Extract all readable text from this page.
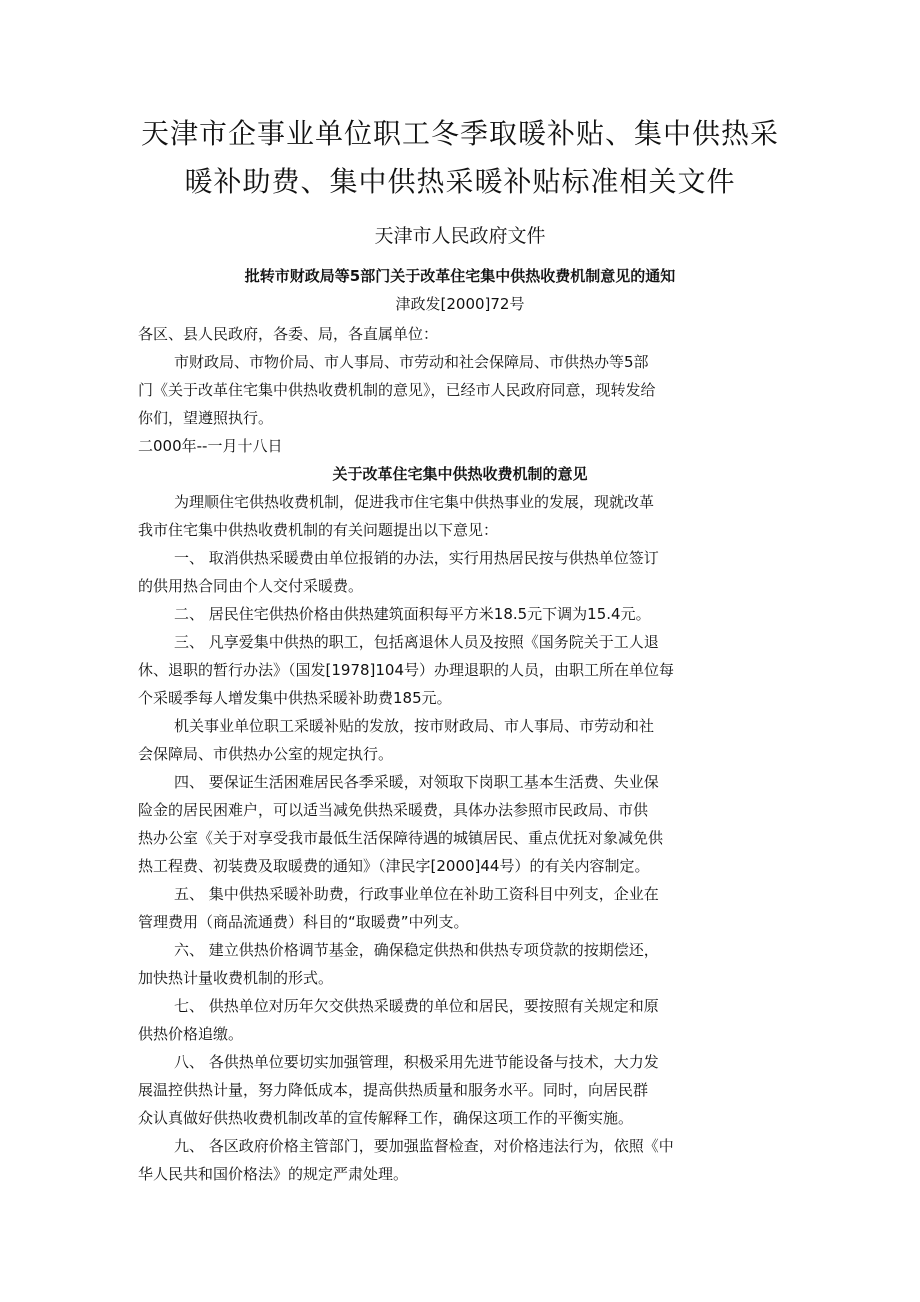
天津市企事业单位职工冬季取暖补贴、集中供热采
暖补助费、集中供热采暖补贴标准相关文件
天津市人民政府文件
批转市财政局等5部门关于改革住宅集中供热收费机制意见的通知
津政发[2000]72号
各区、县人民政府，各委、局，各直属单位：
市财政局、市物价局、市人事局、市劳动和社会保障局、市供热办等5部
门《关于改革住宅集中供热收费机制的意见》，已经市人民政府同意，现转发给
你们，望遵照执行。
二000年--一月十八日
关于改革住宅集中供热收费机制的意见
为理顺住宅供热收费机制，促进我市住宅集中供热事业的发展，现就改革
我市住宅集中供热收费机制的有关问题提出以下意见：
一、 取消供热采暖费由单位报销的办法，实行用热居民按与供热单位签订
的供用热合同由个人交付采暖费。
二、 居民住宅供热价格由供热建筑面积每平方米18.5元下调为15.4元。
三、 凡享爱集中供热的职工，包括离退休人员及按照《国务院关于工人退
休、退职的暂行办法》（国发[1978]104号）办理退职的人员，由职工所在单位每
个采暖季每人增发集中供热采暖补助费185元。
机关事业单位职工采暖补贴的发放，按市财政局、市人事局、市劳动和社
会保障局、市供热办公室的规定执行。
四、 要保证生活困难居民各季采暖，对领取下岗职工基本生活费、失业保
险金的居民困难户，可以适当减免供热采暖费，具体办法参照市民政局、市供
热办公室《关于对享受我市最低生活保障待遇的城镇居民、重点优抚对象减免供
热工程费、初装费及取暖费的通知》（津民字[2000]44号）的有关内容制定。
五、 集中供热采暖补助费，行政事业单位在补助工资科目中列支，企业在
管理费用（商品流通费）科目的“取暖费”中列支。
六、 建立供热价格调节基金，确保稳定供热和供热专项贷款的按期偿还，
加快热计量收费机制的形式。
七、 供热单位对历年欠交供热采暖费的单位和居民，要按照有关规定和原
供热价格追缴。
八、 各供热单位要切实加强管理，积极采用先进节能设备与技术，大力发
展温控供热计量，努力降低成本，提高供热质量和服务水平。同时，向居民群
众认真做好供热收费机制改革的宣传解释工作，确保这项工作的平衡实施。
九、 各区政府价格主管部门，要加强监督检查，对价格违法行为，依照《中
华人民共和国价格法》的规定严肃处理。
